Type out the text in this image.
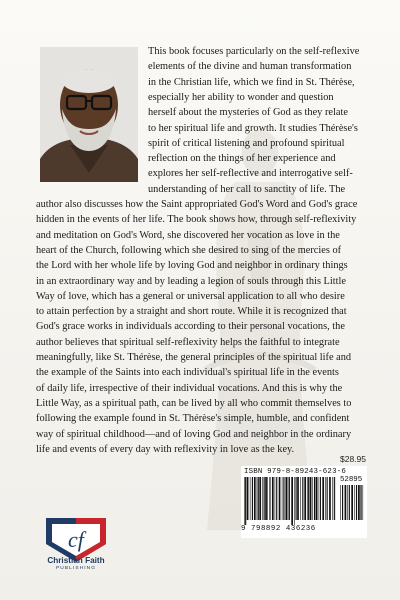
This book focuses particularly on the self-reflexive
elements of the divine and human transformation
in the Christian life, which we find in St. Thérèse,
especially her ability to wonder and question
herself about the mysteries of God as they relate
to her spiritual life and growth. It studies Thérèse's
spirit of critical listening and profound spiritual
reflection on the things of her experience and
explores her self-reflective and interrogative self-
understanding of her call to sanctity of life. The
author also discusses how the Saint appropriated God's Word and God's grace
hidden in the events of her life. The book shows how, through self-reflexivity
and meditation on God's Word, she discovered her vocation as love in the
heart of the Church, following which she desired to sing of the mercies of
the Lord with her whole life by loving God and neighbor in ordinary things
in an extraordinary way and by leading a legion of souls through this Little
Way of love, which has a general or universal application to all who desire
to attain perfection by a straight and short route. While it is recognized that
God's grace works in individuals according to their personal vocations, the
author believes that spiritual self-reflexivity helps the faithful to integrate
meaningfully, like St. Thérèse, the general principles of the spiritual life and
the example of the Saints into each individual's spiritual life in the events
of daily life, irrespective of their individual vocations. And this is why the
Little Way, as a spiritual path, can be lived by all who commit themselves to
following the example found in St. Thérèse's simple, humble, and confident
way of spiritual childhood—and of loving God and neighbor in the ordinary
life and events of every day with reflexivity in love as the key.
$28.95
ISBN 979-8-89243-623-6
52895
9 798892 436236
cf
Christian Faith
PUBLISHING
